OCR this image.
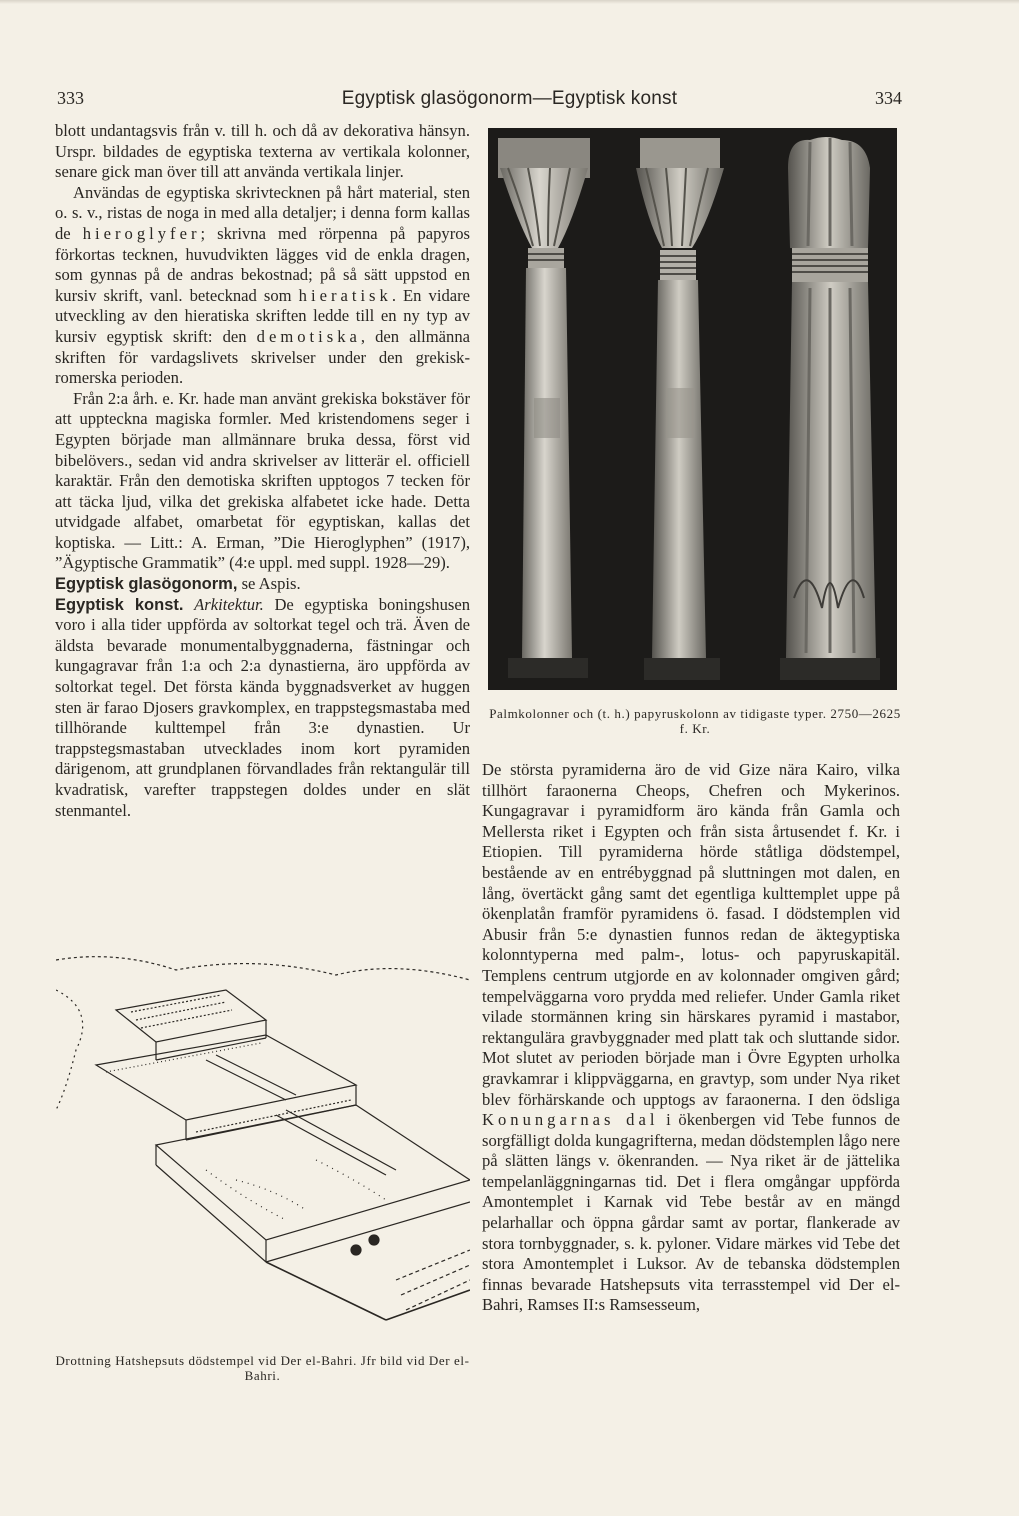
333	Egyptisk glasögonorm—Egyptisk konst	334

blott undantagsvis från v. till h. och då av dekorativa hänsyn. Urspr. bildades de egyptiska texterna av vertikala kolonner, senare gick man över till att använda vertikala linjer.

Användas de egyptiska skrivtecknen på hårt material, sten o. s. v., ristas de noga in med alla detaljer; i denna form kallas de hieroglyfer; skrivna med rörpenna på papyros förkortas tecknen, huvudvikten lägges vid de enkla dragen, som gynnas på de andras bekostnad; på så sätt uppstod en kursiv skrift, vanl. betecknad som hieratisk. En vidare utveckling av den hieratiska skriften ledde till en ny typ av kursiv egyptisk skrift: den demotiska, den allmänna skriften för vardagslivets skrivelser under den grekisk-romerska perioden.

Från 2:a årh. e. Kr. hade man använt grekiska bokstäver för att uppteckna magiska formler. Med kristendomens seger i Egypten började man allmännare bruka dessa, först vid bibelövers., sedan vid andra skrivelser av litterär el. officiell karaktär. Från den demotiska skriften upptogos 7 tecken för att täcka ljud, vilka det grekiska alfabetet icke hade. Detta utvidgade alfabet, omarbetat för egyptiskan, kallas det koptiska. — Litt.: A. Erman, ”Die Hieroglyphen” (1917), ”Ägyptische Grammatik” (4:e uppl. med suppl. 1928—29).

Egyptisk glasögonorm, se Aspis.

Egyptisk konst. Arkitektur. De egyptiska boningshusen voro i alla tider uppförda av soltorkat tegel och trä. Även de äldsta bevarade monumentalbyggnaderna, fästningar och kungagravar från 1:a och 2:a dynastierna, äro uppförda av soltorkat tegel. Det första kända byggnadsverket av huggen sten är farao Djosers gravkomplex, en trappstegsmastaba med tillhörande kulttempel från 3:e dynastien. Ur trappstegsmastaban utvecklades inom kort pyramiden därigenom, att grundplanen förvandlades från rektangulär till kvadratisk, varefter trappstegen doldes under en slät stenmantel.

Palmkolonner och (t. h.) papyruskolonn av tidigaste typer. 2750—2625 f. Kr.

De största pyramiderna äro de vid Gize nära Kairo, vilka tillhört faraonerna Cheops, Chefren och Mykerinos. Kungagravar i pyramidform äro kända från Gamla och Mellersta riket i Egypten och från sista årtusendet f. Kr. i Etiopien. Till pyramiderna hörde ståtliga dödstempel, bestående av en entrébyggnad på sluttningen mot dalen, en lång, övertäckt gång samt det egentliga kulttemplet uppe på ökenplatån framför pyramidens ö. fasad. I dödstemplen vid Abusir från 5:e dynastien funnos redan de äktegyptiska kolonntyperna med palm-, lotus- och papyruskapitäl. Templens centrum utgjorde en av kolonnader omgiven gård; tempelväggarna voro prydda med reliefer. Under Gamla riket vilade stormännen kring sin härskares pyramid i mastabor, rektangulära gravbyggnader med platt tak och sluttande sidor. Mot slutet av perioden började man i Övre Egypten urholka gravkamrar i klippväggarna, en gravtyp, som under Nya riket blev förhärskande och upptogs av faraonerna. I den ödsliga Konungarnas dal i ökenbergen vid Tebe funnos de sorgfälligt dolda kungagrifterna, medan dödstemplen lågo nere på slätten längs v. ökenranden. — Nya riket är de jättelika tempelanläggningarnas tid. Det i flera omgångar uppförda Amontemplet i Karnak vid Tebe består av en mängd pelarhallar och öppna gårdar samt av portar, flankerade av stora tornbyggnader, s. k. pyloner. Vidare märkes vid Tebe det stora Amontemplet i Luksor. Av de tebanska dödstemplen finnas bevarade Hatshepsuts vita terrasstempel vid Der el-Bahri, Ramses II:s Ramsesseum,

Drottning Hatshepsuts dödstempel vid Der el-Bahri. Jfr bild vid Der el-Bahri.
